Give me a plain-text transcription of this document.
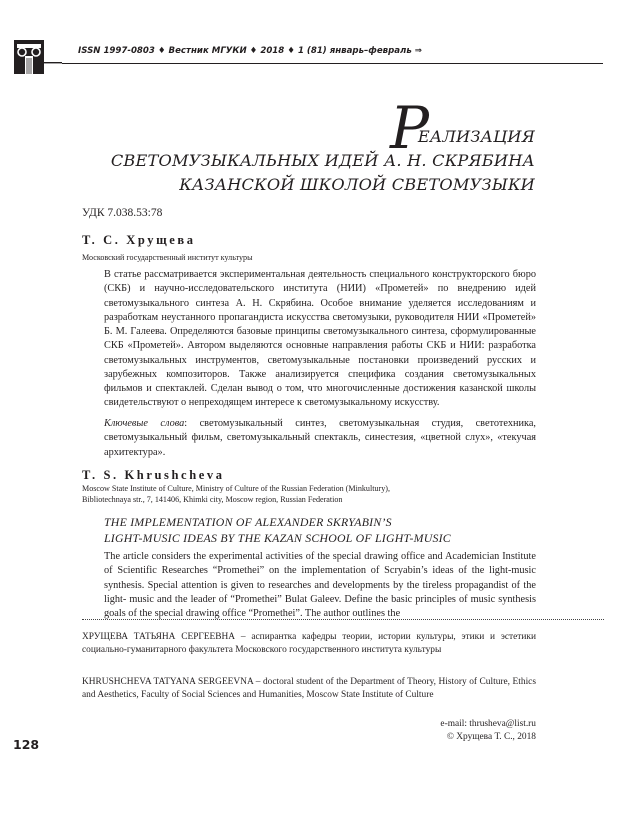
ISSN 1997-0803 ♦ Вестник МГУКИ ♦ 2018 ♦ 1 (81) январь–февраль ⇒
Р
ЕАЛИЗАЦИЯ
СВЕТОМУЗЫКАЛЬНЫХ ИДЕЙ А. Н. СКРЯБИНА
КАЗАНСКОЙ ШКОЛОЙ СВЕТОМУЗЫКИ
УДК 7.038.53:78
Т. С. Хрущева
Московский государственный институт культуры
В статье рассматривается экспериментальная деятельность специального конструкторского бюро (СКБ) и научно-исследовательского института (НИИ) «Прометей» по внедрению идей светомузыкального синтеза А. Н. Скрябина. Особое внимание уделяется исследованиям и разработкам неустанного пропагандиста искусства светомузыки, руководителя НИИ «Прометей» Б. М. Галеева. Определяются базовые принципы светомузыкального синтеза, сформулированные СКБ «Прометей». Автором выделяются основные направления работы СКБ и НИИ: разработка светомузыкальных инструментов, светомузыкальные постановки произведений русских и зарубежных композиторов. Также анализируется специфика создания светомузыкальных фильмов и спектаклей. Сделан вывод о том, что многочисленные достижения казанской школы свидетельствуют о непреходящем интересе к светомузыкальному искусству.
Ключевые слова: светомузыкальный синтез, светомузыкальная студия, светотехника, светомузыкальный фильм, светомузыкальный спектакль, синестезия, «цветной слух», «текучая архитектура».
T. S. Khrushcheva
Moscow State Institute of Culture, Ministry of Culture of the Russian Federation (Minkultury),
Bibliotechnaya str., 7, 141406, Khimki city, Moscow region, Russian Federation
THE IMPLEMENTATION OF ALEXANDER SKRYABIN’S
LIGHT-MUSIC IDEAS BY THE KAZAN SCHOOL OF LIGHT-MUSIC
The article considers the experimental activities of the special drawing office and Academician Institute of Scientific Researches “Promethei” on the implementation of Scryabin’s ideas of the light-music synthesis. Special attention is given to researches and developments by the tireless propagandist of the light- music and the leader of “Promethei” Bulat Galeev. Define the basic principles of music synthesis goals of the special drawing office “Promethei”. The author outlines the
ХРУЩЕВА ТАТЬЯНА СЕРГЕЕВНА – аспирантка кафедры теории, истории культуры, этики и эстетики социально-гуманитарного факультета Московского государственного института культуры
KHRUSHCHEVA TATYANA SERGEEVNA – doctoral student of the Department of Theory, History of Culture, Ethics and Aesthetics, Faculty of Social Sciences and Humanities, Moscow State Institute of Culture
e-mail: thrusheva@list.ru
© Хрущева Т. С., 2018
128
